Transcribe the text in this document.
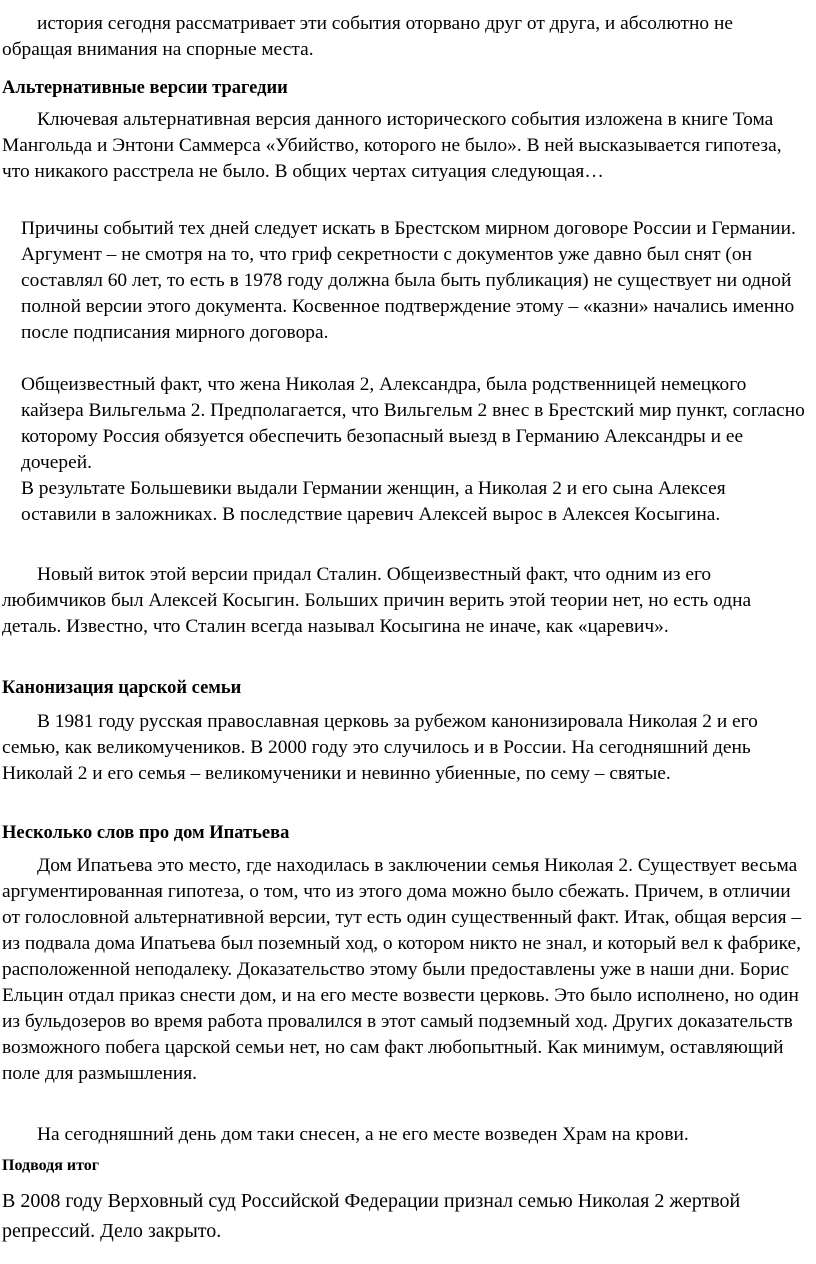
история сегодня рассматривает эти события оторвано друг от друга, и абсолютно не обращая внимания на спорные места.

Альтернативные версии трагедии

Ключевая альтернативная версия данного исторического события изложена в книге Тома Мангольда и Энтони Саммерса «Убийство, которого не было». В ней высказывается гипотеза, что никакого расстрела не было. В общих чертах ситуация следующая…

Причины событий тех дней следует искать в Брестском мирном договоре России и Германии. Аргумент – не смотря на то, что гриф секретности с документов уже давно был снят (он составлял 60 лет, то есть в 1978 году должна была быть публикация) не существует ни одной полной версии этого документа. Косвенное подтверждение этому – «казни» начались именно после подписания мирного договора.

Общеизвестный факт, что жена Николая 2, Александра, была родственницей немецкого кайзера Вильгельма 2. Предполагается, что Вильгельм 2 внес в Брестский мир пункт, согласно которому Россия обязуется обеспечить безопасный выезд в Германию Александры и ее дочерей.

В результате Большевики выдали Германии женщин, а Николая 2 и его сына Алексея оставили в заложниках. В последствие царевич Алексей вырос в Алексея Косыгина.

Новый виток этой версии придал Сталин. Общеизвестный факт, что одним из его любимчиков был Алексей Косыгин. Больших причин верить этой теории нет, но есть одна деталь. Известно, что Сталин всегда называл Косыгина не иначе, как «царевич».

Канонизация царской семьи

В 1981 году русская православная церковь за рубежом канонизировала Николая 2 и его семью, как великомучеников. В 2000 году это случилось и в России. На сегодняшний день Николай 2 и его семья – великомученики и невинно убиенные, по сему – святые.

Несколько слов про дом Ипатьева

Дом Ипатьева это место, где находилась в заключении семья Николая 2. Существует весьма аргументированная гипотеза, о том, что из этого дома можно было сбежать. Причем, в отличии от голословной альтернативной версии, тут есть один существенный факт. Итак, общая версия – из подвала дома Ипатьева был поземный ход, о котором никто не знал, и который вел к фабрике, расположенной неподалеку. Доказательство этому были предоставлены уже в наши дни. Борис Ельцин отдал приказ снести дом, и на его месте возвести церковь. Это было исполнено, но один из бульдозеров во время работа провалился в этот самый подземный ход. Других доказательств возможного побега царской семьи нет, но сам факт любопытный. Как минимум, оставляющий поле для размышления.

На сегодняшний день дом таки снесен, а не его месте возведен Храм на крови.

Подводя итог

В 2008 году Верховный суд Российской Федерации признал семью Николая 2 жертвой репрессий. Дело закрыто.
